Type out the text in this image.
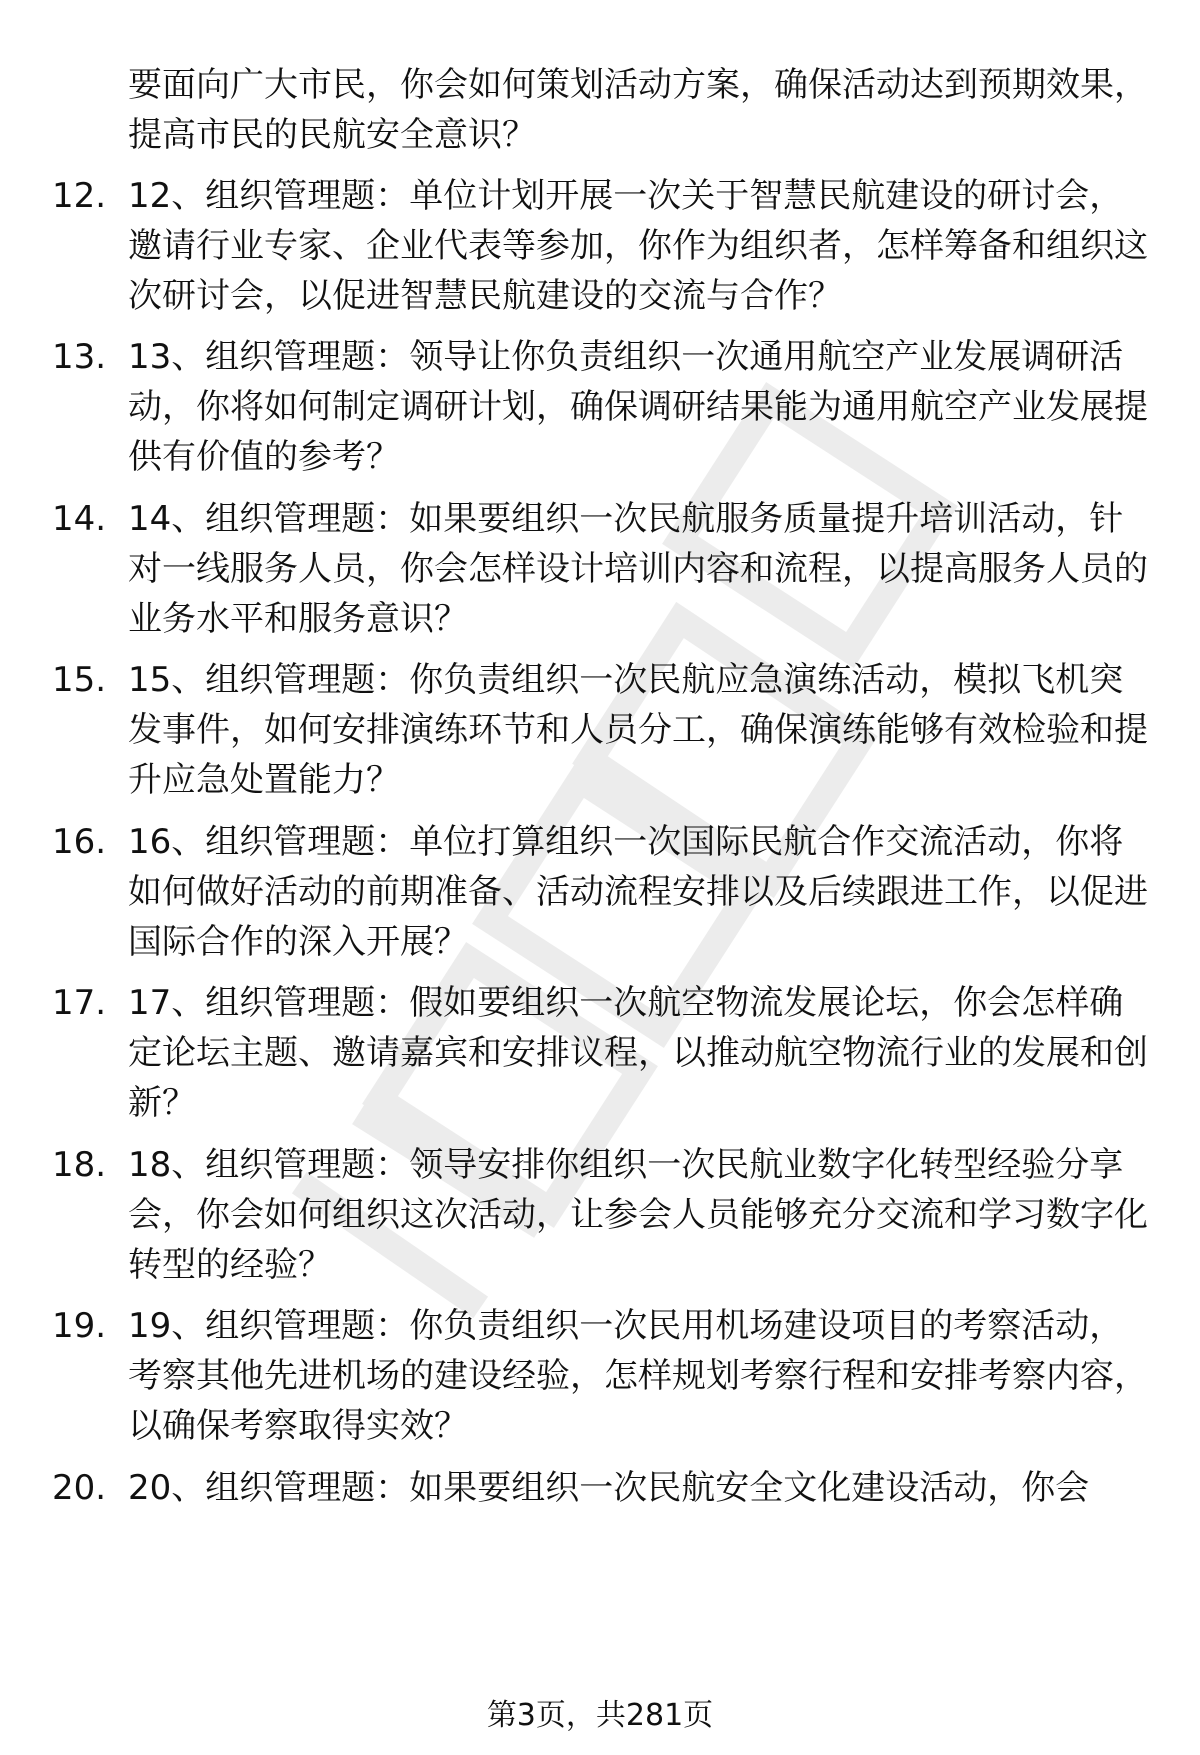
要面向广大市民，你会如何策划活动方案，确保活动达到预期效果，提高市民的民航安全意识？
12. 12、组织管理题：单位计划开展一次关于智慧民航建设的研讨会，邀请行业专家、企业代表等参加，你作为组织者，怎样筹备和组织这次研讨会，以促进智慧民航建设的交流与合作？
13. 13、组织管理题：领导让你负责组织一次通用航空产业发展调研活动，你将如何制定调研计划，确保调研结果能为通用航空产业发展提供有价值的参考？
14. 14、组织管理题：如果要组织一次民航服务质量提升培训活动，针对一线服务人员，你会怎样设计培训内容和流程，以提高服务人员的业务水平和服务意识？
15. 15、组织管理题：你负责组织一次民航应急演练活动，模拟飞机突发事件，如何安排演练环节和人员分工，确保演练能够有效检验和提升应急处置能力？
16. 16、组织管理题：单位打算组织一次国际民航合作交流活动，你将如何做好活动的前期准备、活动流程安排以及后续跟进工作，以促进国际合作的深入开展？
17. 17、组织管理题：假如要组织一次航空物流发展论坛，你会怎样确定论坛主题、邀请嘉宾和安排议程，以推动航空物流行业的发展和创新？
18. 18、组织管理题：领导安排你组织一次民航业数字化转型经验分享会，你会如何组织这次活动，让参会人员能够充分交流和学习数字化转型的经验？
19. 19、组织管理题：你负责组织一次民用机场建设项目的考察活动，考察其他先进机场的建设经验，怎样规划考察行程和安排考察内容，以确保考察取得实效？
20. 20、组织管理题：如果要组织一次民航安全文化建设活动，你会
第3页，共281页
